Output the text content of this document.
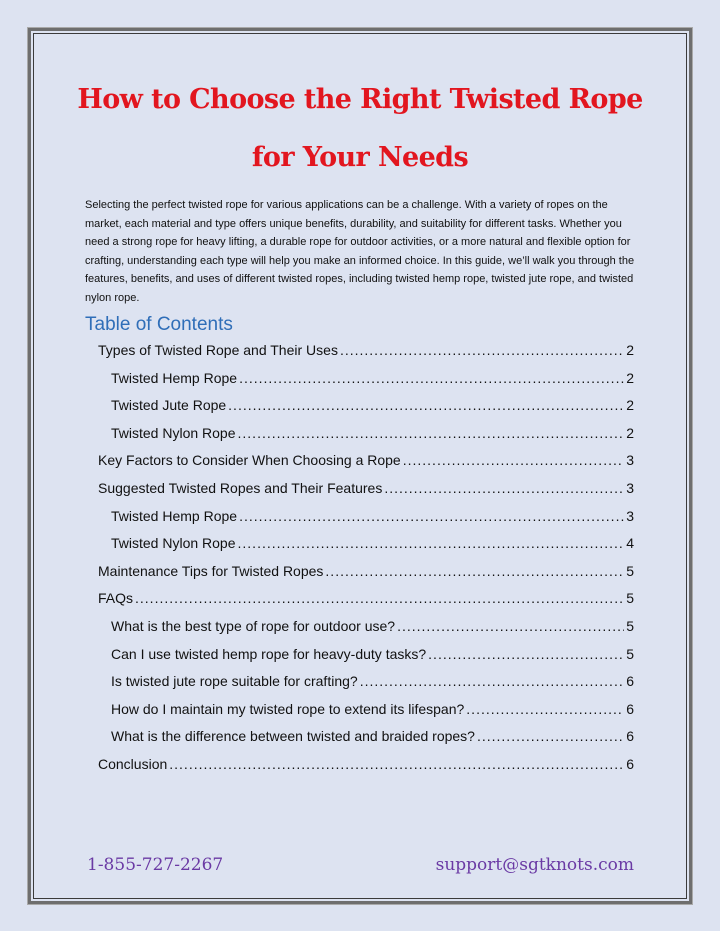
How to Choose the Right Twisted Rope
for Your Needs

Selecting the perfect twisted rope for various applications can be a challenge. With a variety of ropes on the market, each material and type offers unique benefits, durability, and suitability for different tasks. Whether you need a strong rope for heavy lifting, a durable rope for outdoor activities, or a more natural and flexible option for crafting, understanding each type will help you make an informed choice. In this guide, we’ll walk you through the features, benefits, and uses of different twisted ropes, including twisted hemp rope, twisted jute rope, and twisted nylon rope.

Table of Contents
Types of Twisted Rope and Their Uses .....	2
Twisted Hemp Rope .....	2
Twisted Jute Rope .....	2
Twisted Nylon Rope .....	2
Key Factors to Consider When Choosing a Rope .....	3
Suggested Twisted Ropes and Their Features .....	3
Twisted Hemp Rope .....	3
Twisted Nylon Rope .....	4
Maintenance Tips for Twisted Ropes .....	5
FAQs .....	5
What is the best type of rope for outdoor use? .....	5
Can I use twisted hemp rope for heavy-duty tasks? .....	5
Is twisted jute rope suitable for crafting? .....	6
How do I maintain my twisted rope to extend its lifespan? .....	6
What is the difference between twisted and braided ropes? .....	6
Conclusion .....	6
1-855-727-2267	support@sgtknots.com
